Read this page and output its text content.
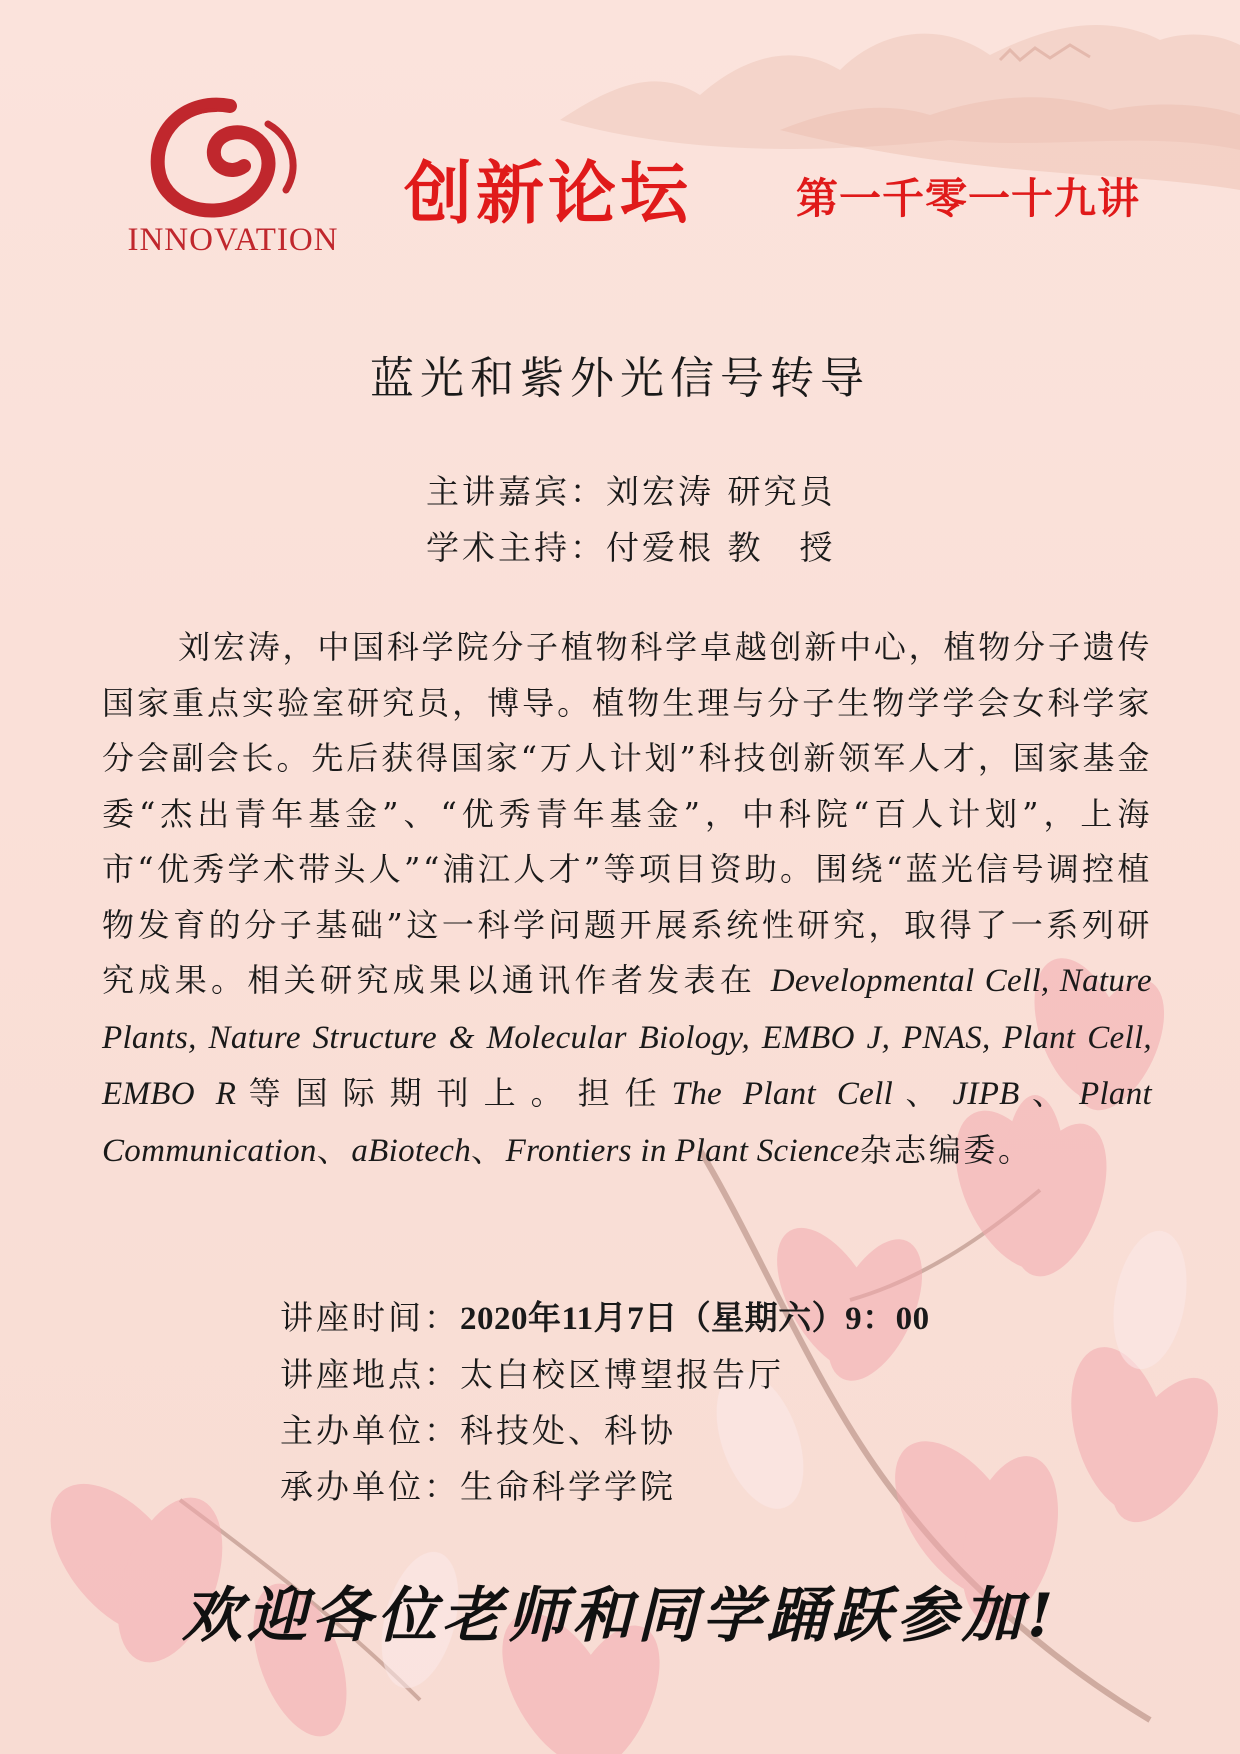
INNOVATION
创新论坛 第一千零一十九讲
蓝光和紫外光信号转导
主讲嘉宾：刘宏涛 研究员
学术主持：付爱根 教　授
刘宏涛，中国科学院分子植物科学卓越创新中心，植物分子遗传国家重点实验室研究员，博导。植物生理与分子生物学学会女科学家分会副会长。先后获得国家“万人计划”科技创新领军人才，国家基金委“杰出青年基金”、“优秀青年基金”，中科院“百人计划”，上海市“优秀学术带头人”“浦江人才”等项目资助。围绕“蓝光信号调控植物发育的分子基础”这一科学问题开展系统性研究，取得了一系列研究成果。相关研究成果以通讯作者发表在 Developmental Cell, Nature Plants, Nature Structure & Molecular Biology, EMBO J, PNAS, Plant Cell, EMBO R等国际期刊上。担任The Plant Cell、JIPB、Plant Communication、aBiotech、Frontiers in Plant Science杂志编委。
讲座时间：2020年11月7日（星期六）9：00
讲座地点：太白校区博望报告厅
主办单位：科技处、科协
承办单位：生命科学学院
欢迎各位老师和同学踊跃参加!
